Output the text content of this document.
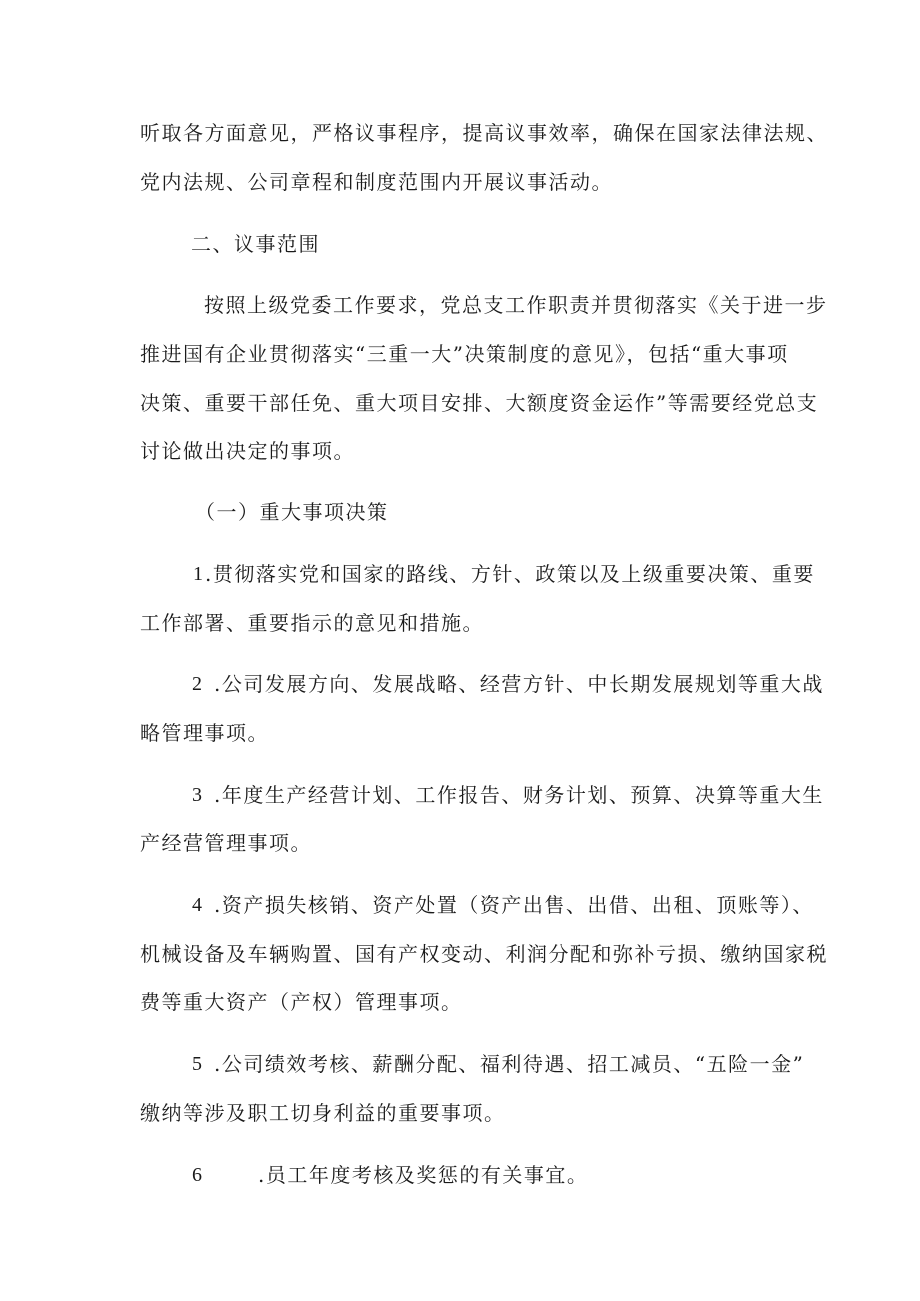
听取各方面意见，严格议事程序，提高议事效率，确保在国家法律法规、
党内法规、公司章程和制度范围内开展议事活动。
二、议事范围
按照上级党委工作要求，党总支工作职责并贯彻落实《关于进一步
推进国有企业贯彻落实“三重一大”决策制度的意见》，包括“重大事项
决策、重要干部任免、重大项目安排、大额度资金运作”等需要经党总支
讨论做出决定的事项。
（一）重大事项决策
1 .贯彻落实党和国家的路线、方针、政策以及上级重要决策、重要
工作部署、重要指示的意见和措施。
2 .公司发展方向、发展战略、经营方针、中长期发展规划等重大战
略管理事项。
3 .年度生产经营计划、工作报告、财务计划、预算、决算等重大生
产经营管理事项。
4 .资产损失核销、资产处置（资产出售、出借、出租、顶账等）、
机械设备及车辆购置、国有产权变动、利润分配和弥补亏损、缴纳国家税
费等重大资产（产权）管理事项。
5 .公司绩效考核、薪酬分配、福利待遇、招工减员、“五险一金”
缴纳等涉及职工切身利益的重要事项。
6	.员工年度考核及奖惩的有关事宜。
